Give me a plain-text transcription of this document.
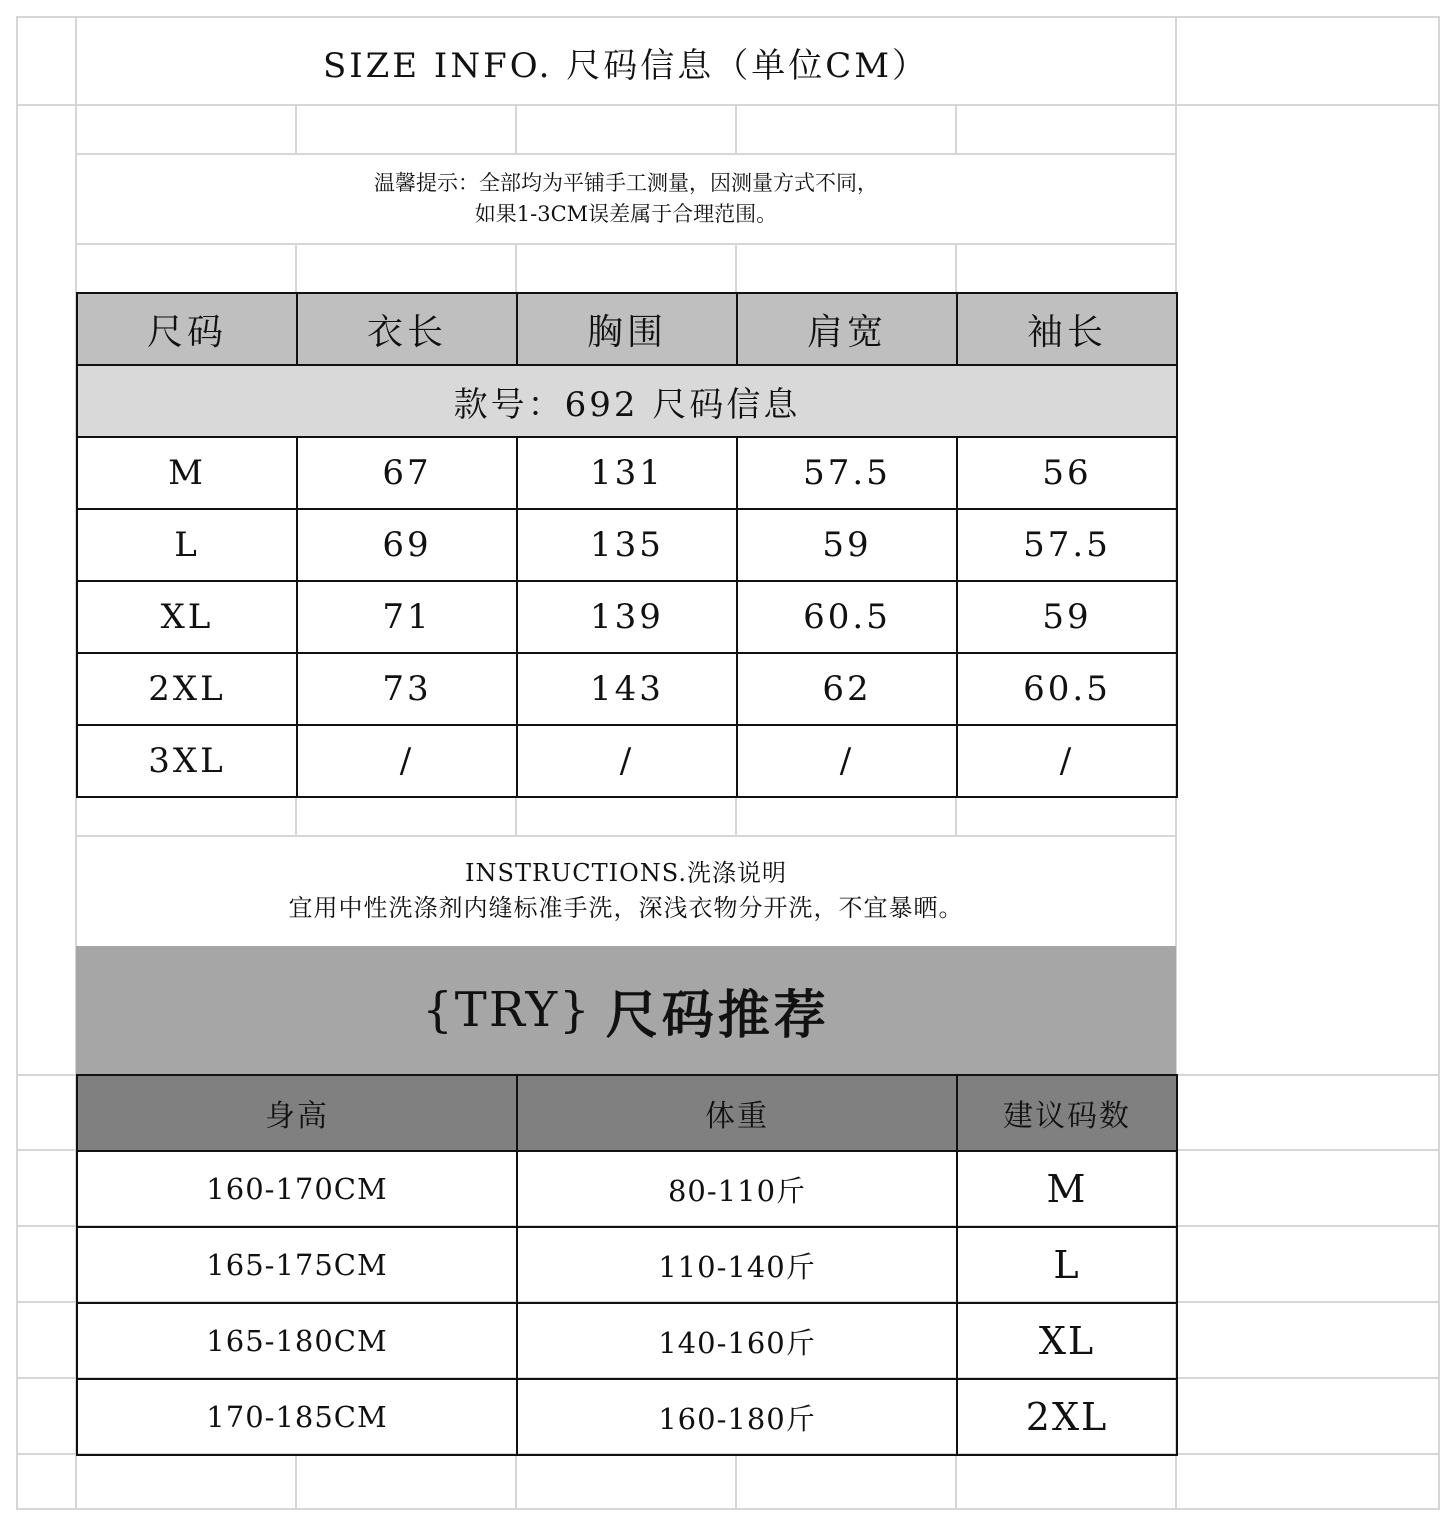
SIZE INFO. 尺码信息（单位CM）
温馨提示：全部均为平铺手工测量，因测量方式不同，
如果1-3CM误差属于合理范围。
款号：692 尺码信息				
尺码	衣长	胸围	肩宽	袖长
M	67	131	57.5	56
L	69	135	59	57.5
XL	71	139	60.5	59
2XL	73	143	62	60.5
3XL	/	/	/	/
INSTRUCTIONS.洗涤说明
宜用中性洗涤剂内缝标准手洗，深浅衣物分开洗，不宜暴晒。
{TRY} 尺码推荐
身高	体重	建议码数
160-170CM	80-110斤	M
165-175CM	110-140斤	L
165-180CM	140-160斤	XL
170-185CM	160-180斤	2XL
